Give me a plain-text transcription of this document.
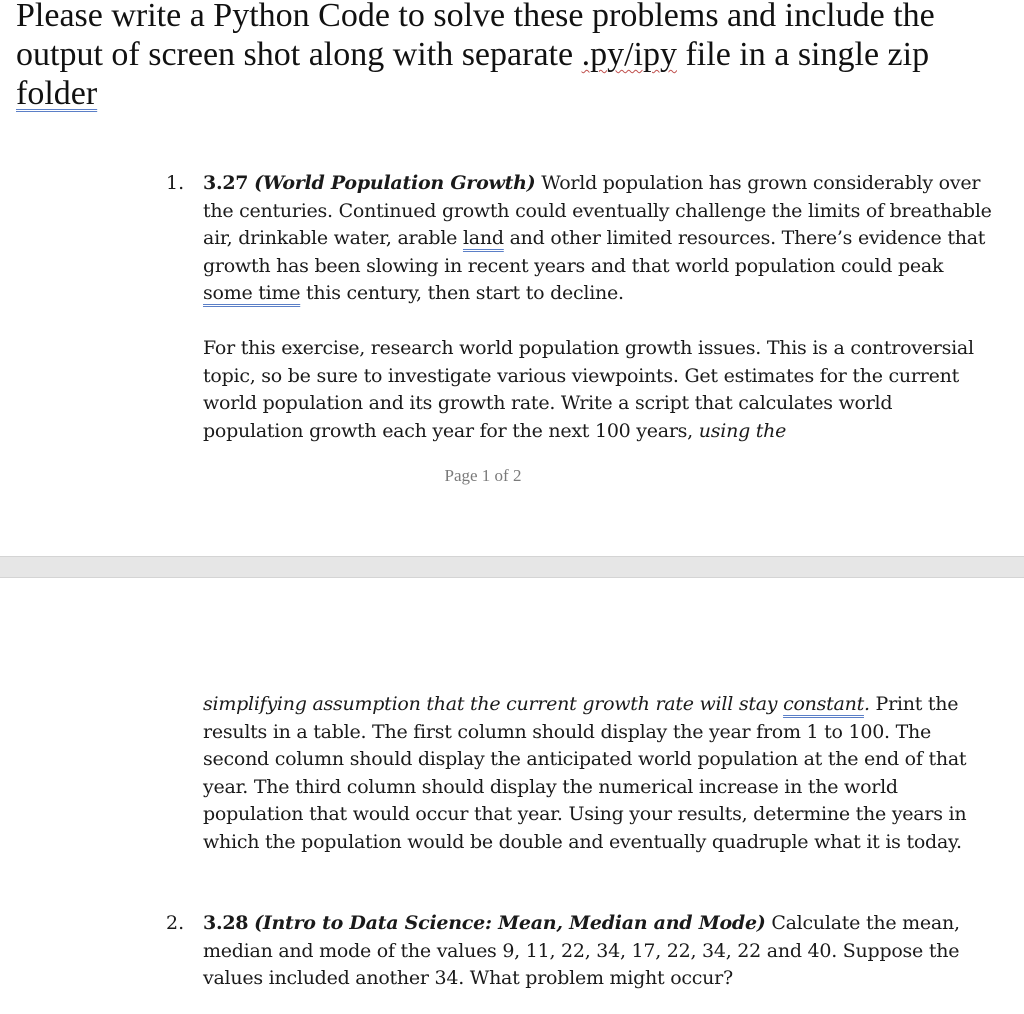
Please write a Python Code to solve these problems and include the output of screen shot along with separate .py/ipy file in a single zip folder

1. 3.27 (World Population Growth) World population has grown considerably over the centuries. Continued growth could eventually challenge the limits of breathable air, drinkable water, arable land and other limited resources. There’s evidence that growth has been slowing in recent years and that world population could peak some time this century, then start to decline.

For this exercise, research world population growth issues. This is a controversial topic, so be sure to investigate various viewpoints. Get estimates for the current world population and its growth rate. Write a script that calculates world population growth each year for the next 100 years, using the

Page 1 of 2

simplifying assumption that the current growth rate will stay constant. Print the results in a table. The first column should display the year from 1 to 100. The second column should display the anticipated world population at the end of that year. The third column should display the numerical increase in the world population that would occur that year. Using your results, determine the years in which the population would be double and eventually quadruple what it is today.

2. 3.28 (Intro to Data Science: Mean, Median and Mode) Calculate the mean, median and mode of the values 9, 11, 22, 34, 17, 22, 34, 22 and 40. Suppose the values included another 34. What problem might occur?
